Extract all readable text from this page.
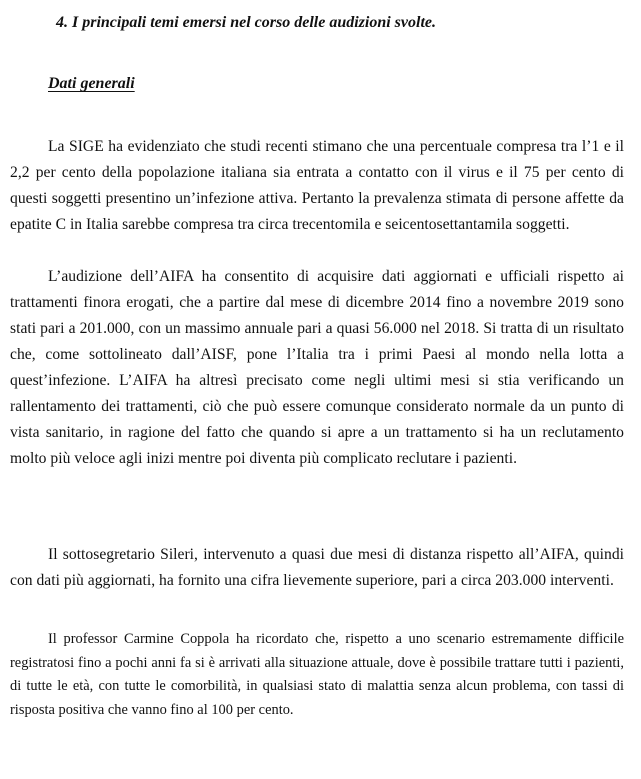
4. I principali temi emersi nel corso delle audizioni svolte.
Dati generali

La SIGE ha evidenziato che studi recenti stimano che una percentuale compresa tra l’1 e il 2,2 per cento della popolazione italiana sia entrata a contatto con il virus e il 75 per cento di questi soggetti presentino un’infezione attiva. Pertanto la prevalenza stimata di persone affette da epatite C in Italia sarebbe compresa tra circa trecentomila e seicentosettantamila soggetti.

L’audizione dell’AIFA ha consentito di acquisire dati aggiornati e ufficiali rispetto ai trattamenti finora erogati, che a partire dal mese di dicembre 2014 fino a novembre 2019 sono stati pari a 201.000, con un massimo annuale pari a quasi 56.000 nel 2018. Si tratta di un risultato che, come sottolineato dall’AISF, pone l’Italia tra i primi Paesi al mondo nella lotta a quest’infezione. L’AIFA ha altresì precisato come negli ultimi mesi si stia verificando un rallentamento dei trattamenti, ciò che può essere comunque considerato normale da un punto di vista sanitario, in ragione del fatto che quando si apre a un trattamento si ha un reclutamento molto più veloce agli inizi mentre poi diventa più complicato reclutare i pazienti.

Il sottosegretario Sileri, intervenuto a quasi due mesi di distanza rispetto all’AIFA, quindi con dati più aggiornati, ha fornito una cifra lievemente superiore, pari a circa 203.000 interventi.

Il professor Carmine Coppola ha ricordato che, rispetto a uno scenario estremamente difficile registratosi fino a pochi anni fa si è arrivati alla situazione attuale, dove è possibile trattare tutti i pazienti, di tutte le età, con tutte le comorbilità, in qualsiasi stato di malattia senza alcun problema, con tassi di risposta positiva che vanno fino al 100 per cento.
